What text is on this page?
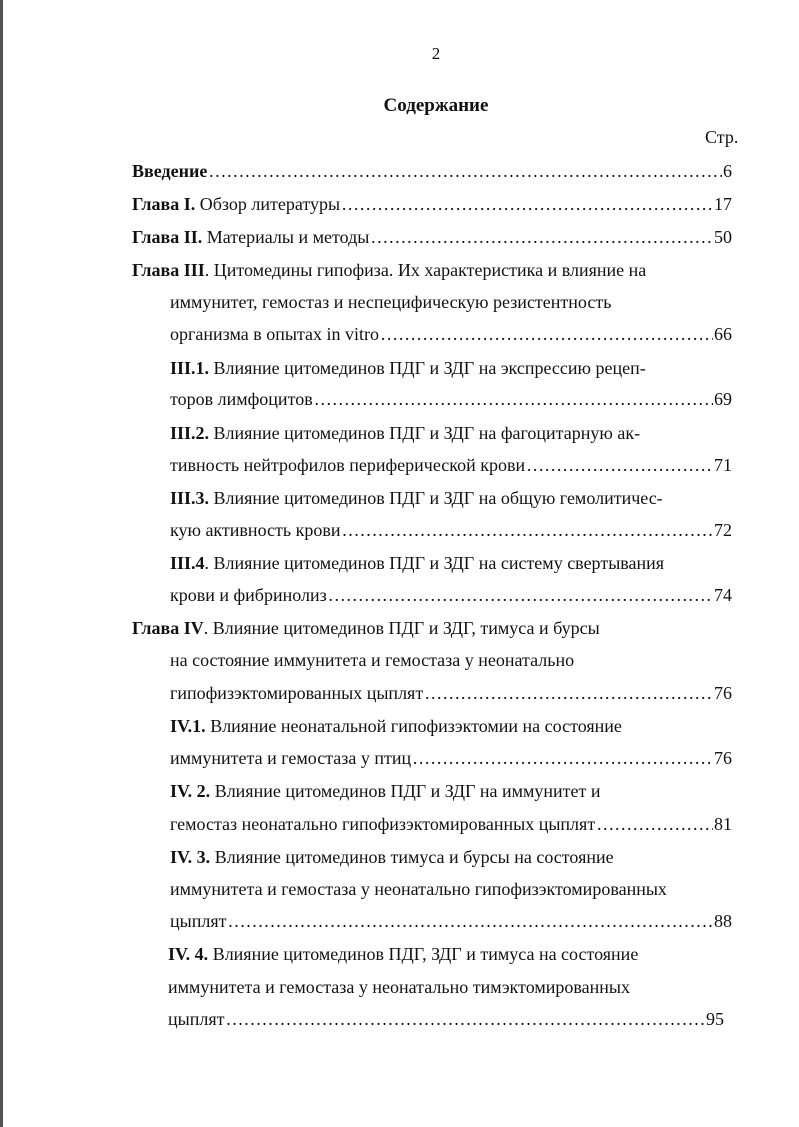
2
Содержание
Стр.
Введение ……………………………………………………………………………………………………………………………………	6
Глава I. Обзор литературы ……………………………………………………………………………………………………………………………………	17
Глава II. Материалы и методы ……………………………………………………………………………………………………………………………………	50
Глава III. Цитомедины гипофиза. Их характеристика и влияние на
иммунитет, гемостаз и неспецифическую резистентность
организма в опытах in vitro ……………………………………………………………………………………………………………………………………	66
III.1. Влияние цитомединов ПДГ и ЗДГ на экспрессию рецеп-
торов лимфоцитов ……………………………………………………………………………………………………………………………………	69
III.2. Влияние цитомединов ПДГ и ЗДГ на фагоцитарную ак-
тивность нейтрофилов периферической крови ……………………………………………………………………………………………………………………………………	71
III.3. Влияние цитомединов ПДГ и ЗДГ на общую гемолитичес-
кую активность крови ……………………………………………………………………………………………………………………………………	72
III.4. Влияние цитомединов ПДГ и ЗДГ на систему свертывания
крови и фибринолиз ……………………………………………………………………………………………………………………………………	74
Глава IV. Влияние цитомединов ПДГ и ЗДГ, тимуса и бурсы
на состояние иммунитета и гемостаза у неонатально
гипофизэктомированных цыплят ……………………………………………………………………………………………………………………………………	76
IV.1. Влияние неонатальной гипофизэктомии на состояние
иммунитета и гемостаза у птиц ……………………………………………………………………………………………………………………………………	76
IV. 2. Влияние цитомединов ПДГ и ЗДГ на иммунитет и
гемостаз неонатально гипофизэктомированных цыплят ……………………………………………………………………………………………………………………………………	81
IV. 3. Влияние цитомединов тимуса и бурсы на состояние
иммунитета и гемостаза у неонатально гипофизэктомированных
цыплят ……………………………………………………………………………………………………………………………………	88
IV. 4. Влияние цитомединов ПДГ, ЗДГ и тимуса на состояние
иммунитета и гемостаза у неонатально тимэктомированных
цыплят ……………………………………………………………………………………………………………………………………	95
